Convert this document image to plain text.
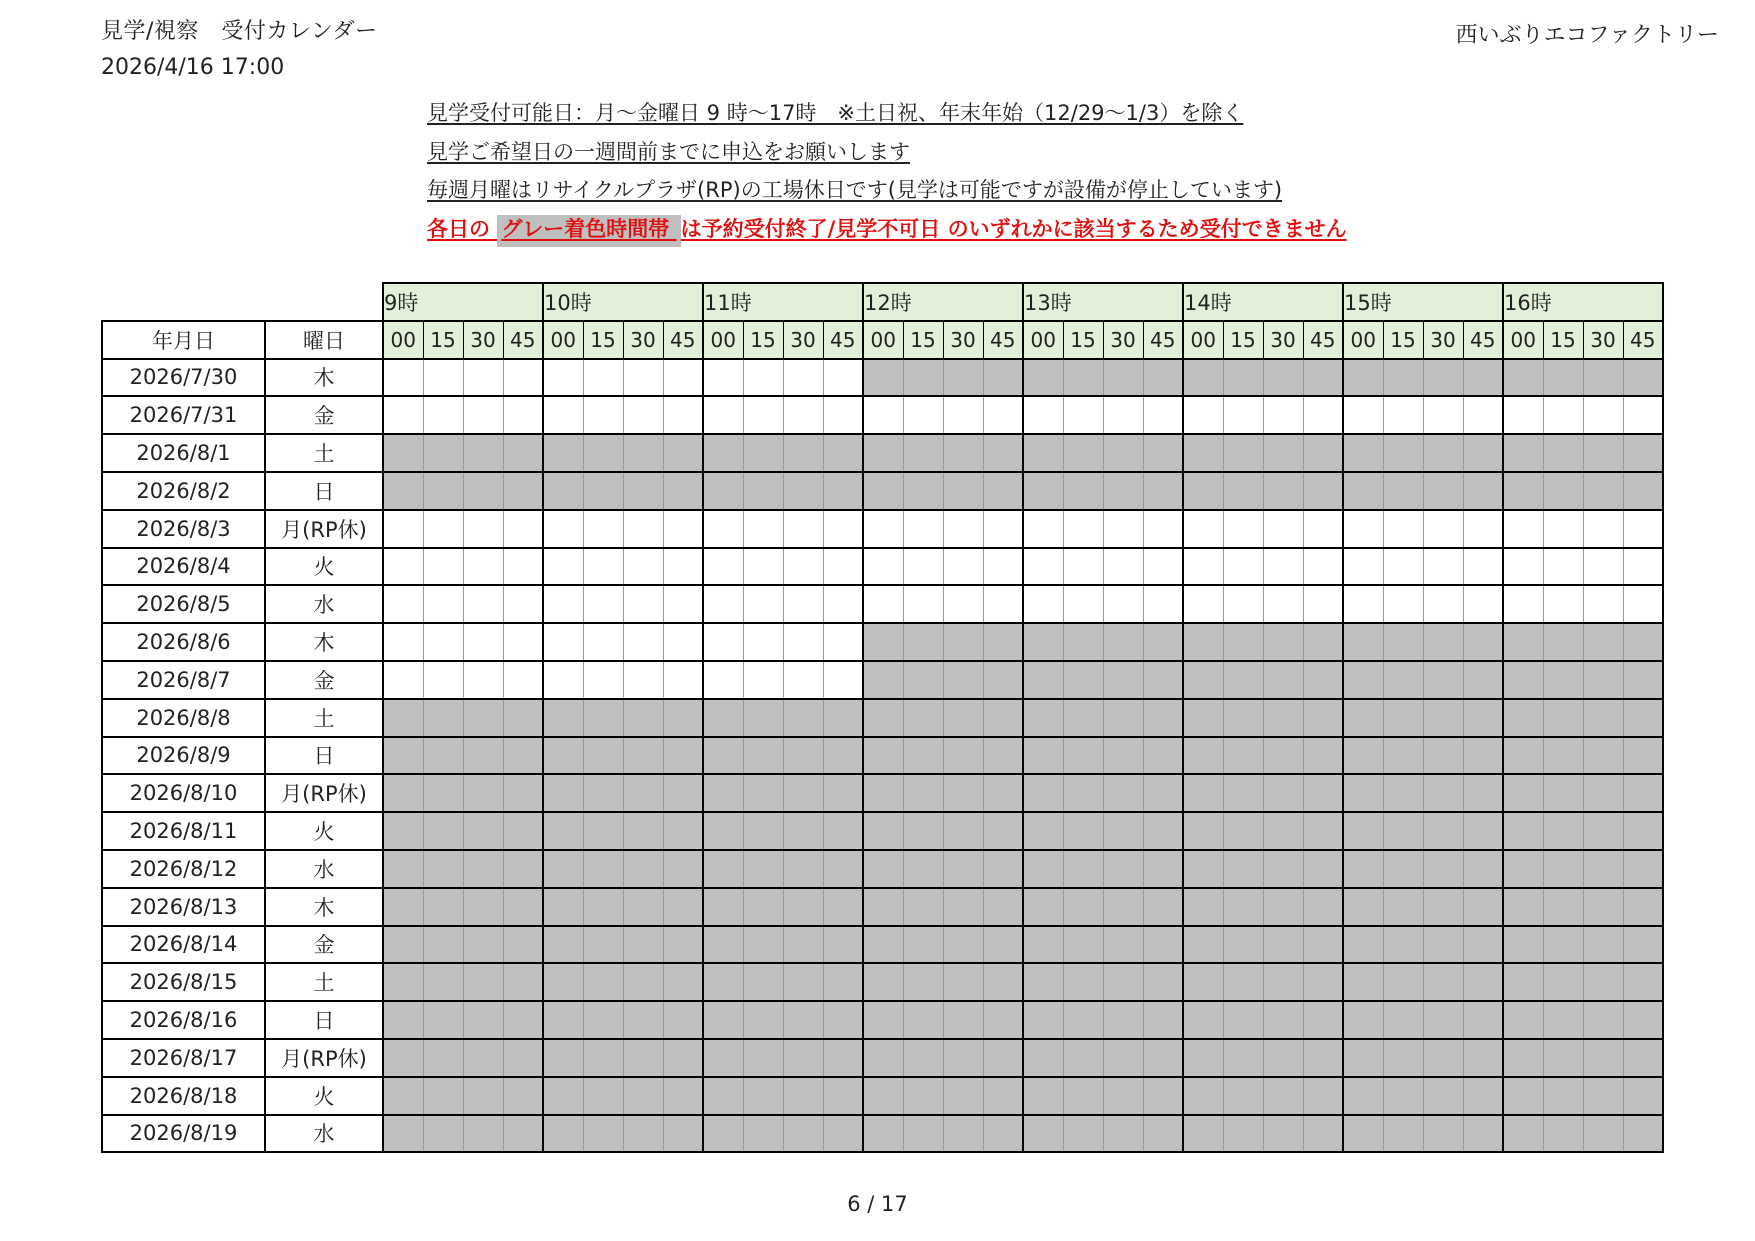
見学/視察　受付カレンダー
2026/4/16 17:00
西いぶりエコファクトリー
見学受付可能日：月～金曜日 9 時～17時　※土日祝、年末年始（12/29～1/3）を除く
見学ご希望日の一週間前までに申込をお願いします
毎週月曜はリサイクルプラザ(RP)の工場休日です(見学は可能ですが設備が停止しています)
各日の グレー着色時間帯 は予約受付終了/見学不可日 のいずれかに該当するため受付できません
		9時				10時				11時				12時				13時				14時				15時				16時			
年月日	曜日	00	15	30	45	00	15	30	45	00	15	30	45	00	15	30	45	00	15	30	45	00	15	30	45	00	15	30	45	00	15	30	45
2026/7/30	木																																
2026/7/31	金																																
2026/8/1	土																																
2026/8/2	日																																
2026/8/3	月(RP休)																																
2026/8/4	火																																
2026/8/5	水																																
2026/8/6	木																																
2026/8/7	金																																
2026/8/8	土																																
2026/8/9	日																																
2026/8/10	月(RP休)																																
2026/8/11	火																																
2026/8/12	水																																
2026/8/13	木																																
2026/8/14	金																																
2026/8/15	土																																
2026/8/16	日																																
2026/8/17	月(RP休)																																
2026/8/18	火																																
2026/8/19	水																																
6 / 17
